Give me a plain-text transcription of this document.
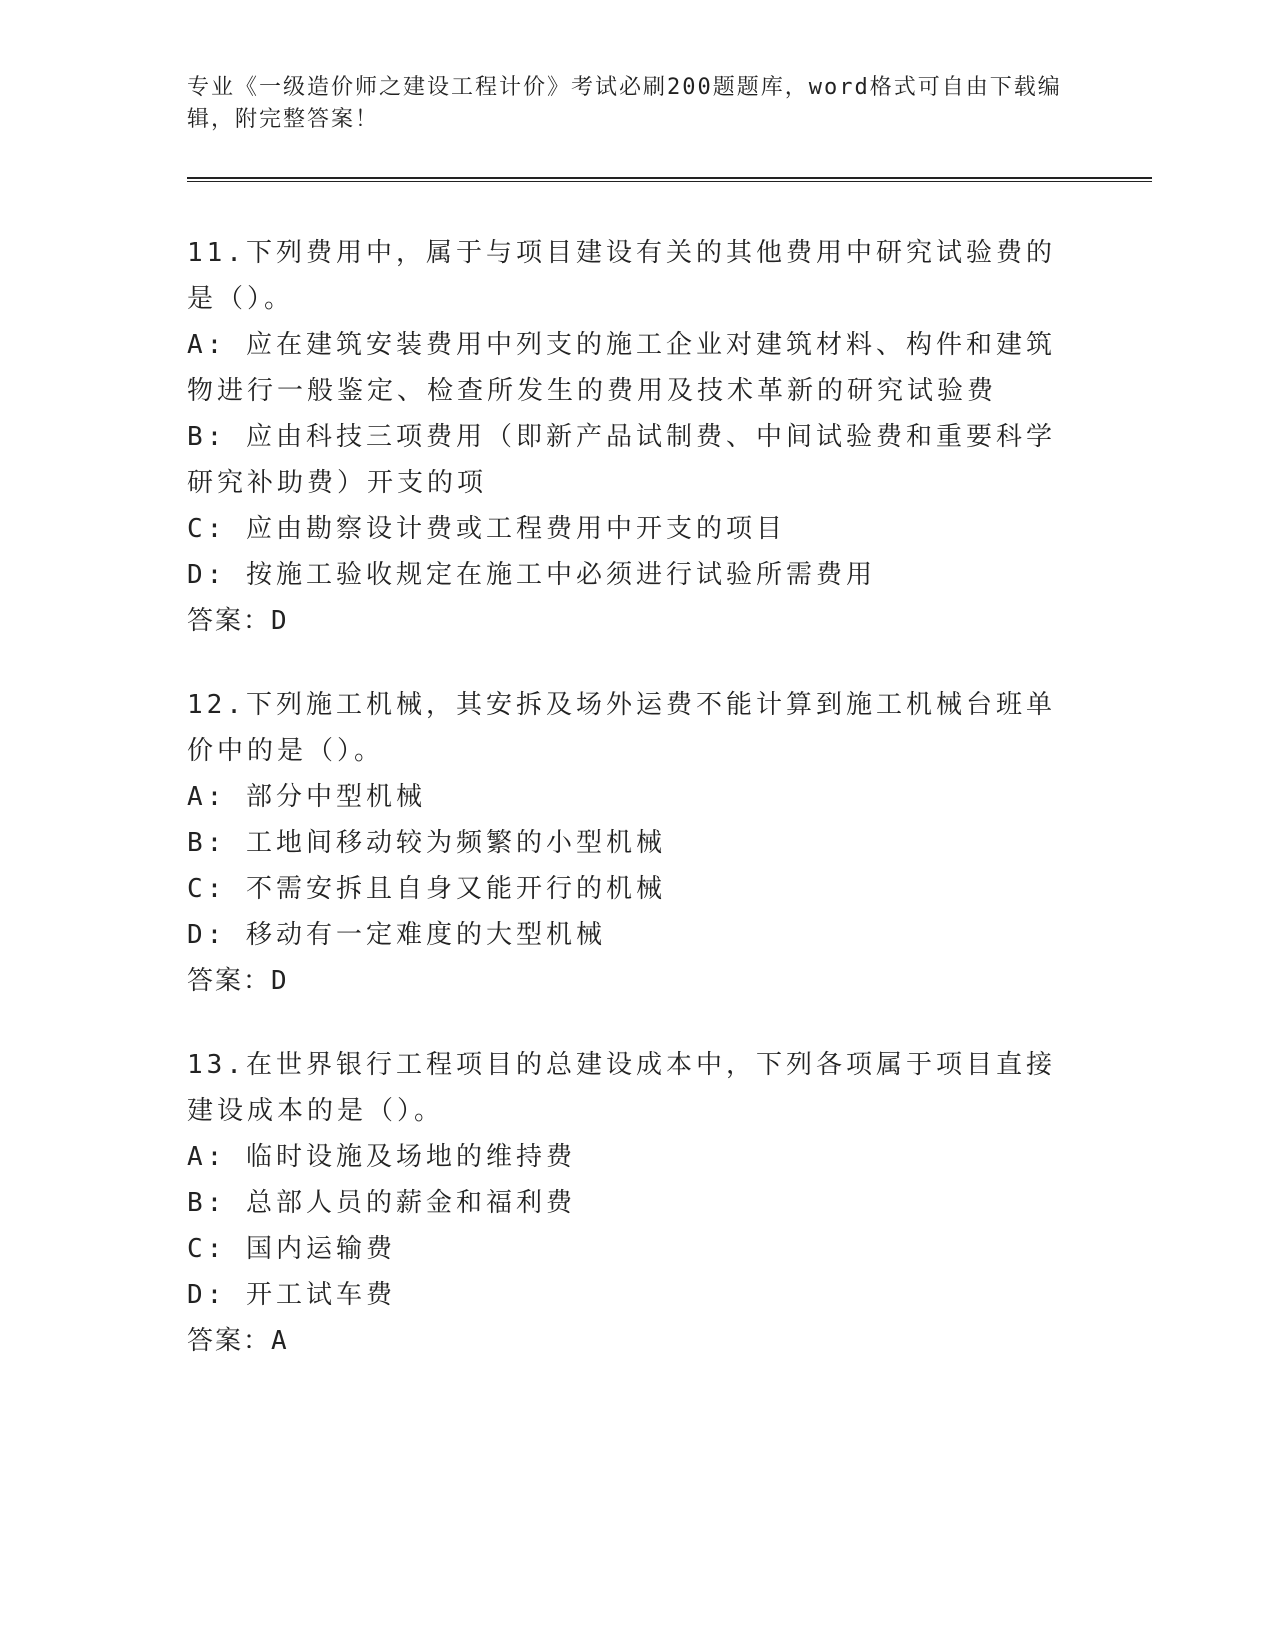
专业《一级造价师之建设工程计价》考试必刷200题题库，word格式可自由下载编辑，附完整答案！

11.下列费用中，属于与项目建设有关的其他费用中研究试验费的是（）。

A: 应在建筑安装费用中列支的施工企业对建筑材料、构件和建筑物进行一般鉴定、检查所发生的费用及技术革新的研究试验费

B: 应由科技三项费用（即新产品试制费、中间试验费和重要科学研究补助费）开支的项

C: 应由勘察设计费或工程费用中开支的项目

D: 按施工验收规定在施工中必须进行试验所需费用

答案：D

12.下列施工机械，其安拆及场外运费不能计算到施工机械台班单价中的是（）。

A: 部分中型机械

B: 工地间移动较为频繁的小型机械

C: 不需安拆且自身又能开行的机械

D: 移动有一定难度的大型机械

答案：D

13.在世界银行工程项目的总建设成本中，下列各项属于项目直接建设成本的是（）。

A: 临时设施及场地的维持费

B: 总部人员的薪金和福利费

C: 国内运输费

D: 开工试车费

答案：A
